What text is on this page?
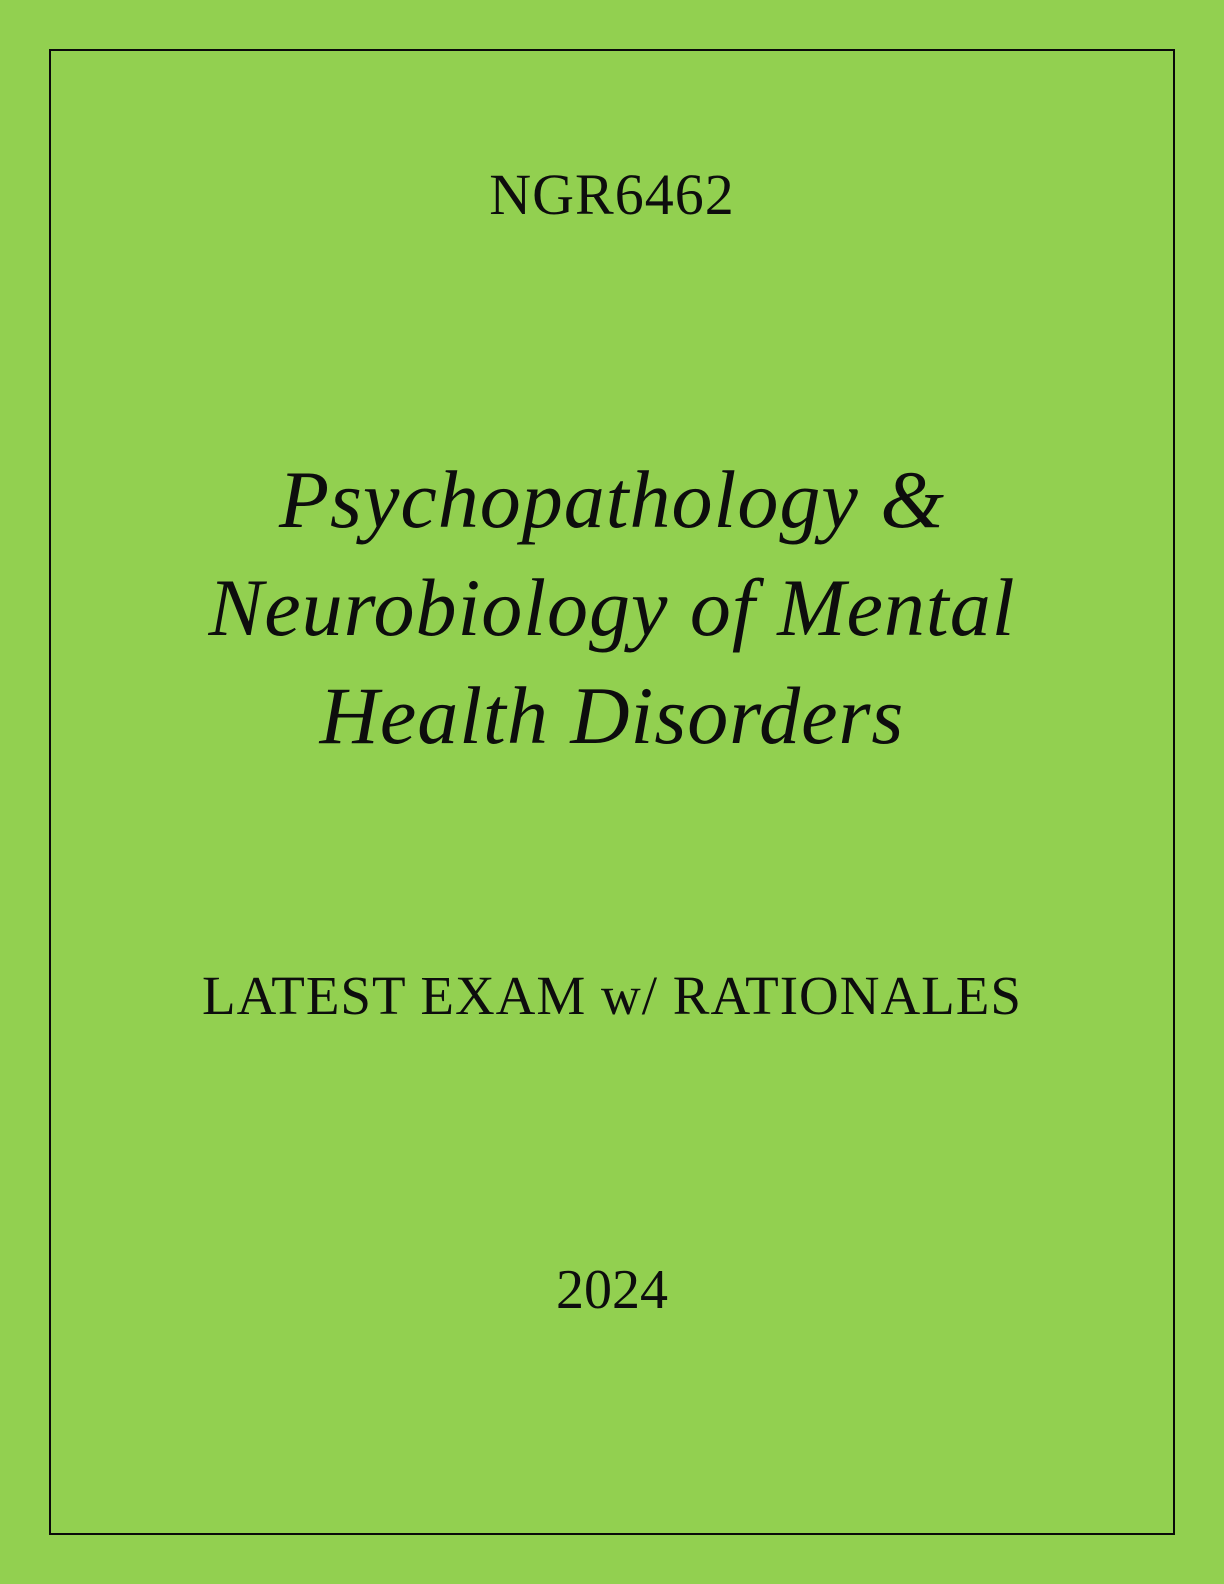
NGR6462
Psychopathology &
Neurobiology of Mental
Health Disorders
LATEST EXAM w/ RATIONALES
2024
